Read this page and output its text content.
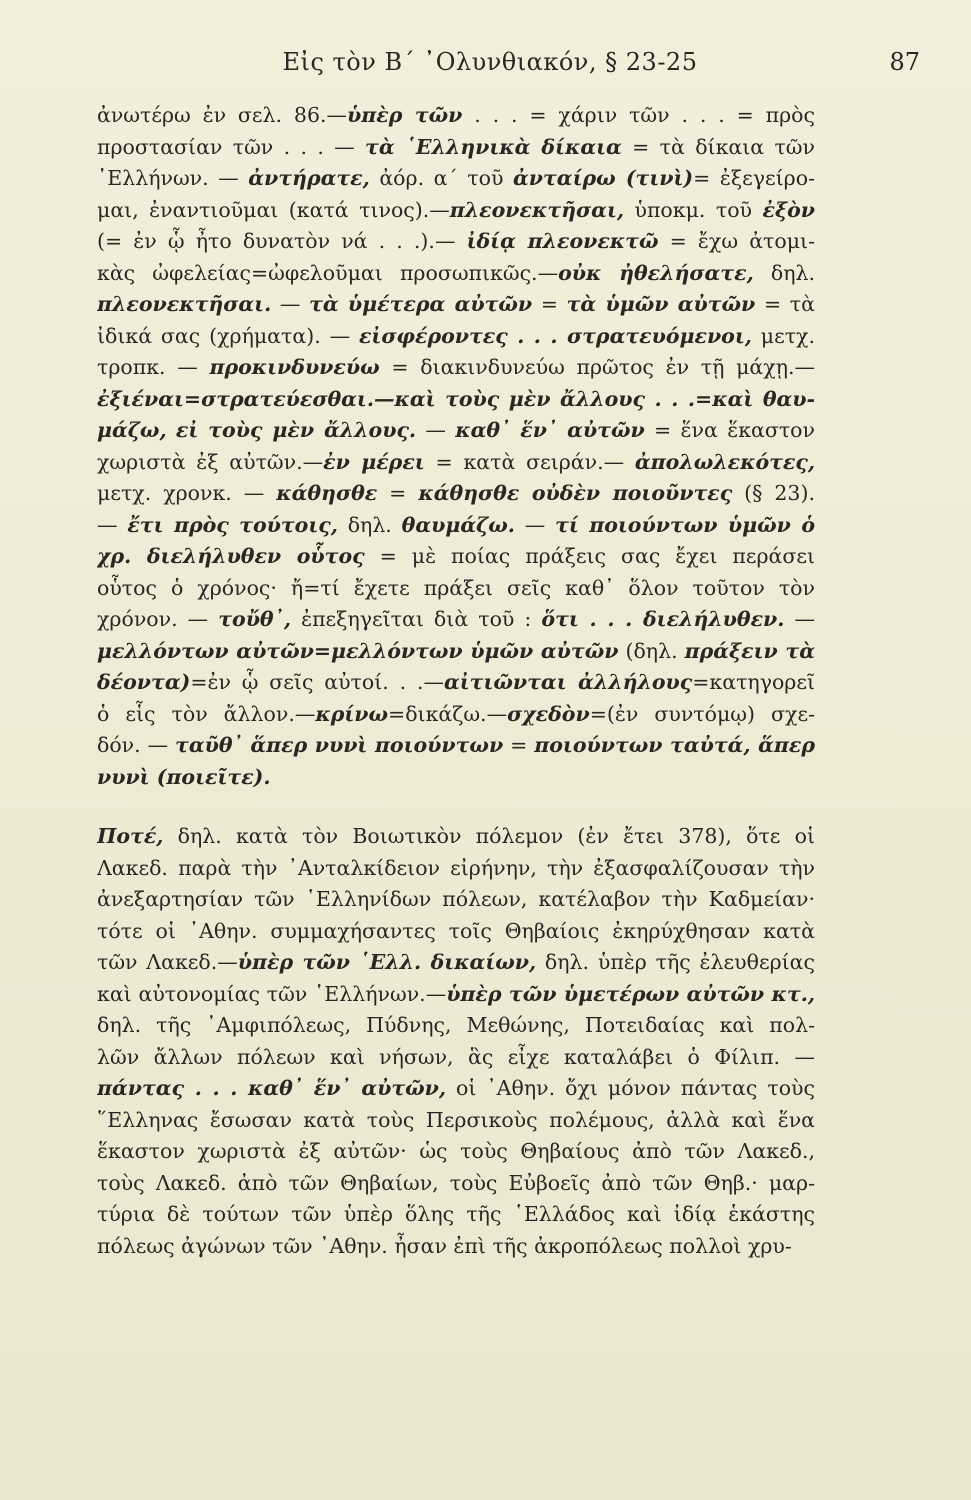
Εἰς τὸν Β΄ ᾿Ολυνθιακόν, § 23-25	87
ἀνωτέρω ἐν σελ. 86.—ὑπὲρ τῶν . . . = χάριν τῶν . . . = πρὸς
προστασίαν τῶν . . . — τὰ ῾Ελληνικὰ δίκαια = τὰ δίκαια τῶν
῾Ελλήνων. — ἀντήρατε, ἀόρ. α΄ τοῦ ἀνταίρω (τινὶ)= ἐξεγείρο-
μαι, ἐναντιοῦμαι (κατά τινος).—πλεονεκτῆσαι, ὑποκμ. τοῦ ἐξὸν
(= ἐν ᾧ ἦτο δυνατὸν νά . . .).— ἰδίᾳ πλεονεκτῶ = ἔχω ἀτομι-
κὰς ὠφελείας=ὠφελοῦμαι προσωπικῶς.—οὐκ ἠθελήσατε, δηλ.
πλεονεκτῆσαι. — τὰ ὑμέτερα αὐτῶν = τὰ ὑμῶν αὐτῶν = τὰ
ἰδικά σας (χρήματα). — εἰσφέροντες . . . στρατευόμενοι, μετχ.
τροπκ. — προκινδυνεύω = διακινδυνεύω πρῶτος ἐν τῇ μάχῃ.—
ἐξιέναι=στρατεύεσθαι.—καὶ τοὺς μὲν ἄλλους . . .=καὶ θαυ-
μάζω, εἰ τοὺς μὲν ἄλλους. — καθ᾿ ἕν᾿ αὐτῶν = ἕνα ἕκαστον
χωριστὰ ἐξ αὐτῶν.—ἐν μέρει = κατὰ σειράν.— ἀπολωλεκότες,
μετχ. χρονκ. — κάθησθε = κάθησθε οὐδὲν ποιοῦντες (§ 23).
— ἔτι πρὸς τούτοις, δηλ. θαυμάζω. — τί ποιούντων ὑμῶν ὁ
χρ. διελήλυθεν οὗτος = μὲ ποίας πράξεις σας ἔχει περάσει
οὗτος ὁ χρόνος· ἤ=τί ἔχετε πράξει σεῖς καθ᾿ ὅλον τοῦτον τὸν
χρόνον. — τοὔθ᾿, ἐπεξηγεῖται διὰ τοῦ : ὅτι . . . διελήλυθεν. —
μελλόντων αὐτῶν=μελλόντων ὑμῶν αὐτῶν (δηλ. πράξειν τὰ
δέοντα)=ἐν ᾧ σεῖς αὐτοί. . .—αἰτιῶνται ἀλλήλους=κατηγορεῖ
ὁ εἷς τὸν ἄλλον.—κρίνω=δικάζω.—σχεδὸν=(ἐν συντόμῳ) σχε-
δόν. — ταῦθ᾿ ἅπερ νυνὶ ποιούντων = ποιούντων ταὐτά, ἅπερ
νυνὶ (ποιεῖτε).
Ποτέ, δηλ. κατὰ τὸν Βοιωτικὸν πόλεμον (ἐν ἔτει 378), ὅτε οἱ
Λακεδ. παρὰ τὴν ᾿Ανταλκίδειον εἰρήνην, τὴν ἐξασφαλίζουσαν τὴν
ἀνεξαρτησίαν τῶν ῾Ελληνίδων πόλεων, κατέλαβον τὴν Καδμείαν·
τότε οἱ ᾿Αθην. συμμαχήσαντες τοῖς Θηβαίοις ἐκηρύχθησαν κατὰ
τῶν Λακεδ.—ὑπὲρ τῶν ῾Ελλ. δικαίων, δηλ. ὑπὲρ τῆς ἐλευθερίας
καὶ αὐτονομίας τῶν ῾Ελλήνων.—ὑπὲρ τῶν ὑμετέρων αὐτῶν κτ.,
δηλ. τῆς ᾿Αμφιπόλεως, Πύδνης, Μεθώνης, Ποτειδαίας καὶ πολ-
λῶν ἄλλων πόλεων καὶ νήσων, ἃς εἶχε καταλάβει ὁ Φίλιπ. —
πάντας . . . καθ᾿ ἕν᾿ αὐτῶν, οἱ ᾿Αθην. ὄχι μόνον πάντας τοὺς
῞Ελληνας ἔσωσαν κατὰ τοὺς Περσικοὺς πολέμους, ἀλλὰ καὶ ἕνα
ἕκαστον χωριστὰ ἐξ αὐτῶν· ὡς τοὺς Θηβαίους ἀπὸ τῶν Λακεδ.,
τοὺς Λακεδ. ἀπὸ τῶν Θηβαίων, τοὺς Εὐβοεῖς ἀπὸ τῶν Θηβ.· μαρ-
τύρια δὲ τούτων τῶν ὑπὲρ ὅλης τῆς ῾Ελλάδος καὶ ἰδίᾳ ἑκάστης
πόλεως ἀγώνων τῶν ᾿Αθην. ἦσαν ἐπὶ τῆς ἀκροπόλεως πολλοὶ χρυ-
